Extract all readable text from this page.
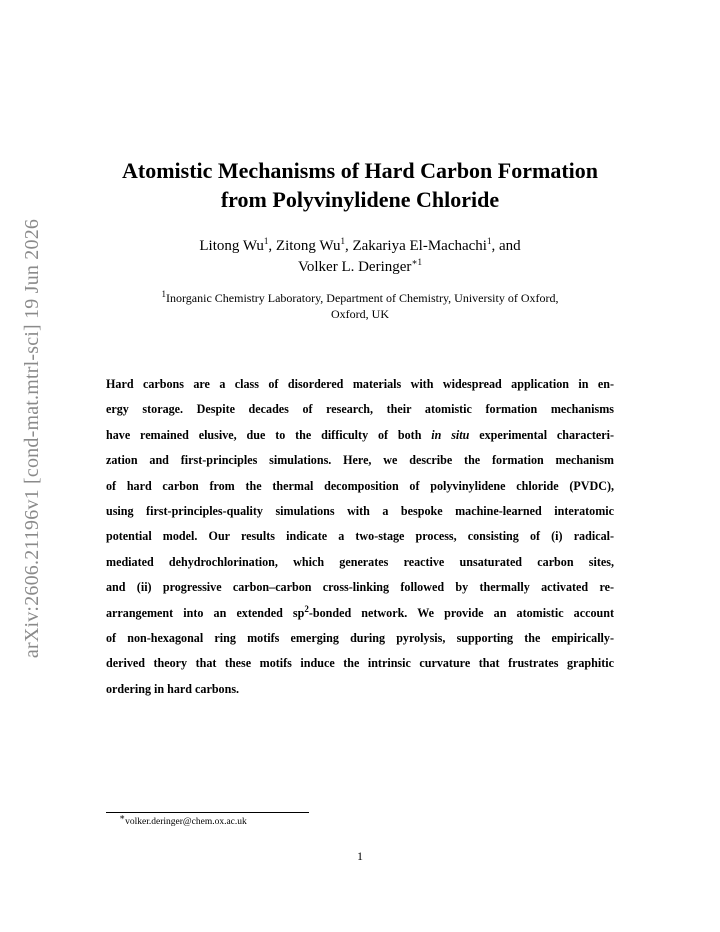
arXiv:2606.21196v1 [cond-mat.mtrl-sci] 19 Jun 2026
Atomistic Mechanisms of Hard Carbon Formation
from Polyvinylidene Chloride
Litong Wu$^1$, Zitong Wu$^1$, Zakariya El-Machachi$^1$, and
Volker L. Deringer$^{∗1}$
$^1$Inorganic Chemistry Laboratory, Department of Chemistry, University of Oxford,
Oxford, UK
Hard carbons are a class of disordered materials with widespread application in en-
ergy storage. Despite decades of research, their atomistic formation mechanisms
have remained elusive, due to the difficulty of both in situ experimental characteri-
zation and first-principles simulations. Here, we describe the formation mechanism
of hard carbon from the thermal decomposition of polyvinylidene chloride (PVDC),
using first-principles-quality simulations with a bespoke machine-learned interatomic
potential model. Our results indicate a two-stage process, consisting of (i) radical-
mediated dehydrochlorination, which generates reactive unsaturated carbon sites,
and (ii) progressive carbon–carbon cross-linking followed by thermally activated re-
arrangement into an extended $sp^2$-bonded network. We provide an atomistic account
of non-hexagonal ring motifs emerging during pyrolysis, supporting the empirically-
derived theory that these motifs induce the intrinsic curvature that frustrates graphitic
ordering in hard carbons.
∗volker.deringer@chem.ox.ac.uk
1
